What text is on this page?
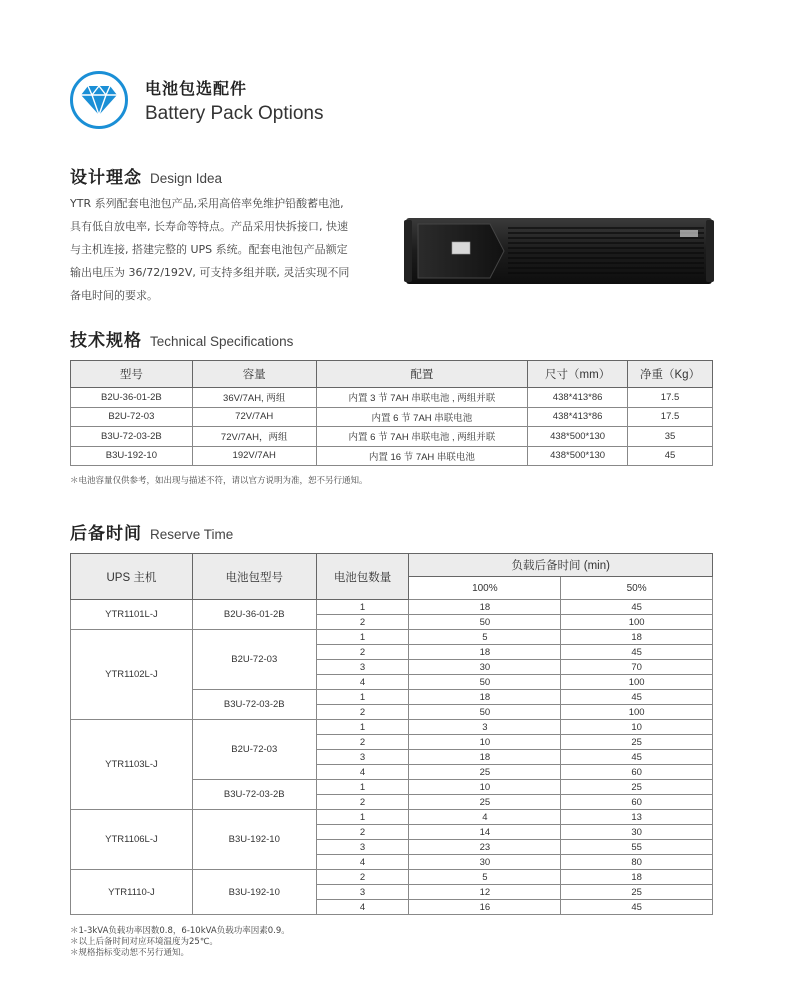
电池包选配件
Battery Pack Options
设计理念 Design Idea
YTR 系列配套电池包产品,采用高倍率免维护铅酸蓄电池,
具有低自放电率, 长寿命等特点。产品采用快拆接口, 快速
与主机连接, 搭建完整的 UPS 系统。配套电池包产品额定
输出电压为 36/72/192V, 可支持多组并联, 灵活实现不同
备电时间的要求。
技术规格 Technical Specifications
型号	容量	配置	尺寸（mm）	净重（Kg）
B2U-36-01-2B	36V/7AH, 两组	内置 3 节 7AH 串联电池 , 两组并联	438*413*86	17.5
B2U-72-03	72V/7AH	内置 6 节 7AH 串联电池	438*413*86	17.5
B3U-72-03-2B	72V/7AH，两组	内置 6 节 7AH 串联电池 , 两组并联	438*500*130	35
B3U-192-10	192V/7AH	内置 16 节 7AH 串联电池	438*500*130	45
＊电池容量仅供参考，如出现与描述不符，请以官方说明为准，恕不另行通知。
后备时间 Reserve Time
UPS 主机	电池包型号	电池包数量	负载后备时间 (min)	
			100%	50%
YTR1101L-J	B2U-36-01-2B	1	18	45
		2	50	100
YTR1102L-J	B2U-72-03	1	5	18
		2	18	45
		3	30	70
		4	50	100
	B3U-72-03-2B	1	18	45
		2	50	100
YTR1103L-J	B2U-72-03	1	3	10
		2	10	25
		3	18	45
		4	25	60
	B3U-72-03-2B	1	10	25
		2	25	60
YTR1106L-J	B3U-192-10	1	4	13
		2	14	30
		3	23	55
		4	30	80
YTR1110-J	B3U-192-10	2	5	18
		3	12	25
		4	16	45
＊1-3kVA负载功率因数0.8，6-10kVA负载功率因素0.9。
＊以上后备时间对应环境温度为25℃。
＊规格指标变动恕不另行通知。
